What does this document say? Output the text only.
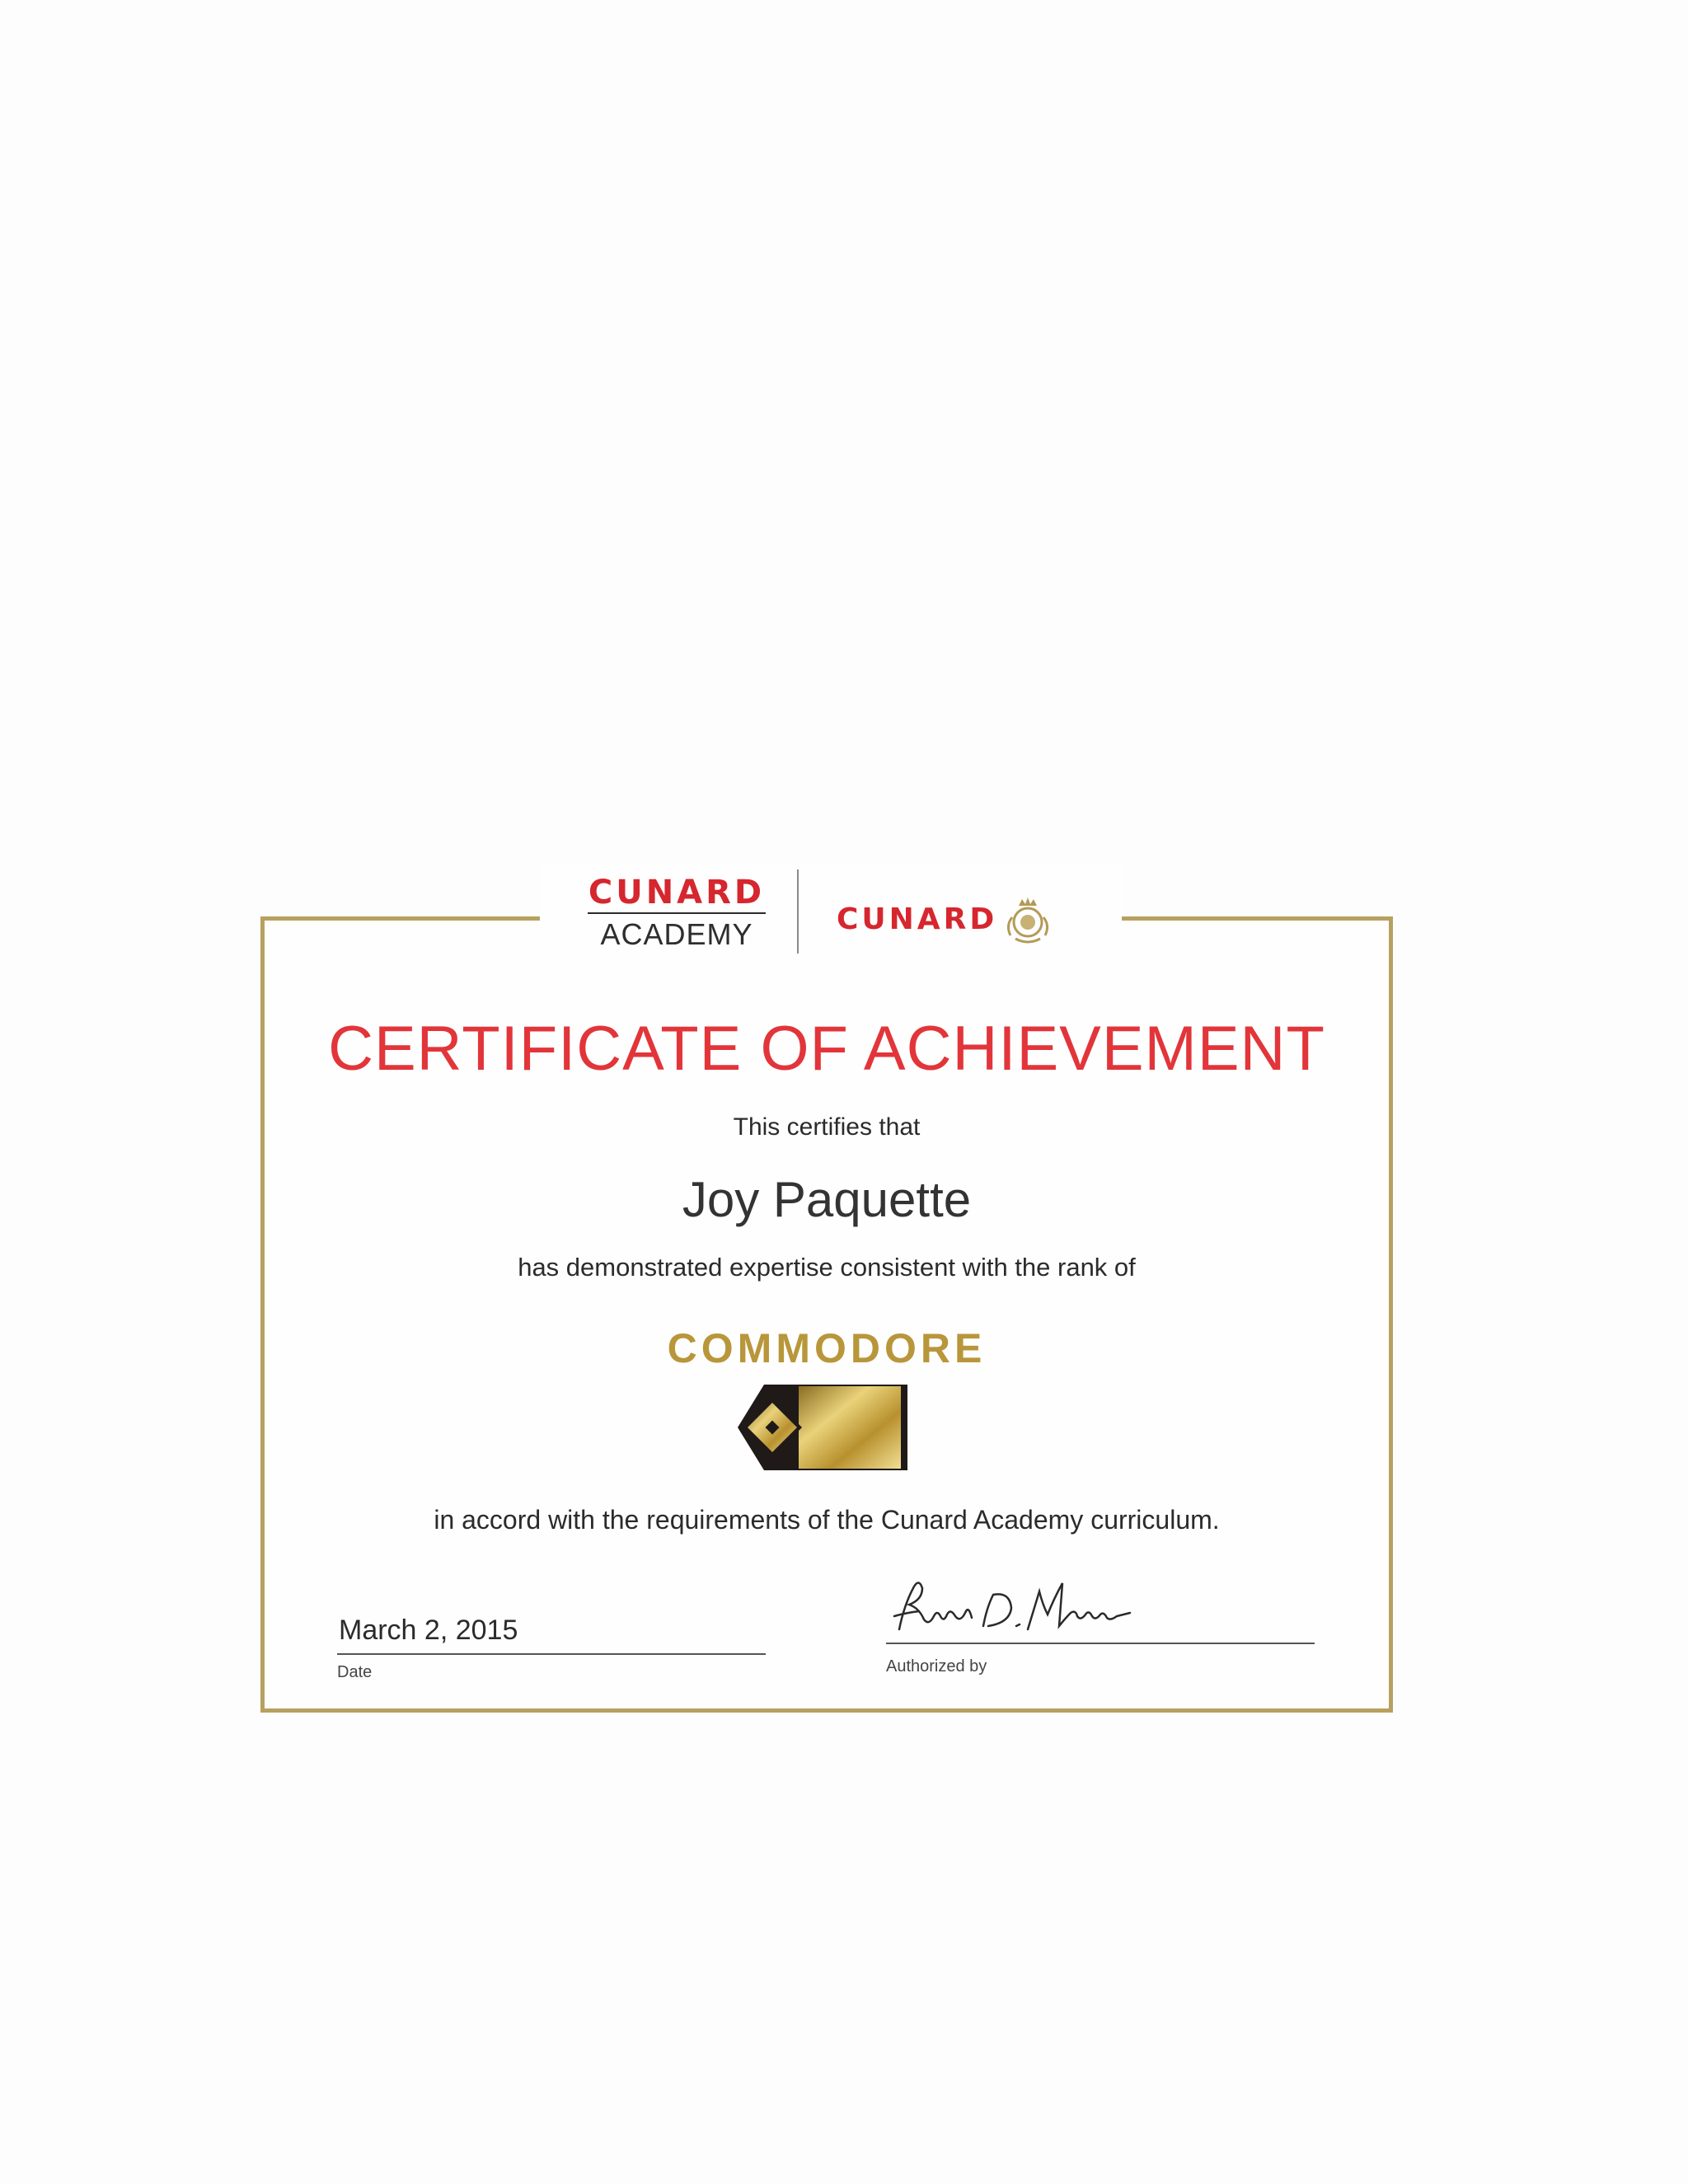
CUNARD
ACADEMY	CUNARD
CERTIFICATE OF ACHIEVEMENT
This certifies that
Joy Paquette
has demonstrated expertise consistent with the rank of
COMMODORE
in accord with the requirements of the Cunard Academy curriculum.
March 2, 2015
Date	Authorized by
